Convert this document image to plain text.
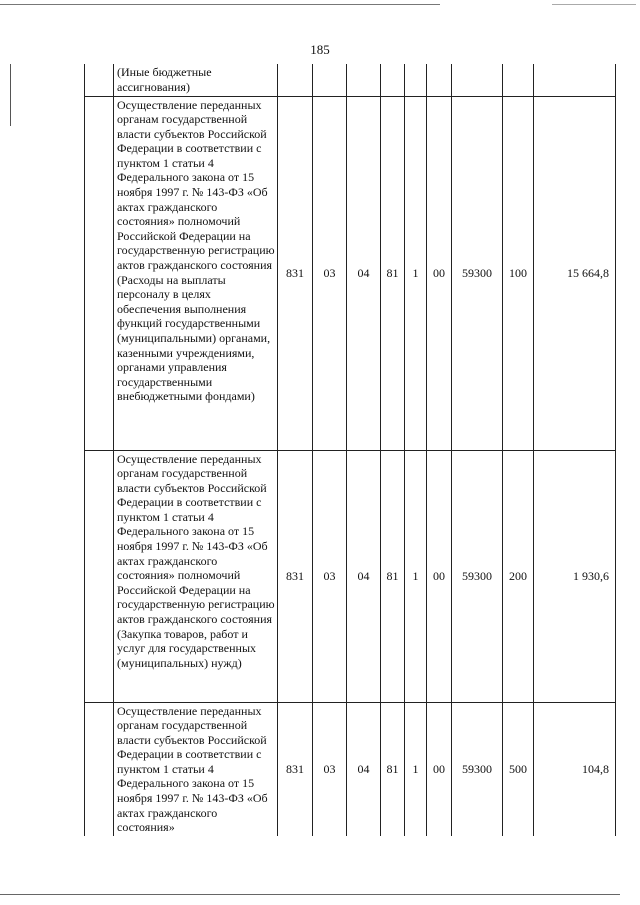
185
	(Иные бюджетные ассигнования)									
	Осуществление переданных органам государственной власти субъектов Российской Федерации в соответствии с пунктом 1 статьи 4 Федерального закона от 15 ноября 1997 г. № 143-ФЗ «Об актах гражданского состояния» полномочий Российской Федерации на государственную регистрацию актов гражданского состояния (Расходы на выплаты персоналу в целях обеспечения выполнения функций государственными (муниципальными) органами, казенными учреждениями, органами управления государственными внебюджетными фондами)	831	03	04	81	1	00	59300	100	15 664,8
	Осуществление переданных органам государственной власти субъектов Российской Федерации в соответствии с пунктом 1 статьи 4 Федерального закона от 15 ноября 1997 г. № 143-ФЗ «Об актах гражданского состояния» полномочий Российской Федерации на государственную регистрацию актов гражданского состояния (Закупка товаров, работ и услуг для государственных (муниципальных) нужд)	831	03	04	81	1	00	59300	200	1 930,6
	Осуществление переданных органам государственной власти субъектов Российской Федерации в соответствии с пунктом 1 статьи 4 Федерального закона от 15 ноября 1997 г. № 143-ФЗ «Об актах гражданского состояния»	831	03	04	81	1	00	59300	500	104,8
